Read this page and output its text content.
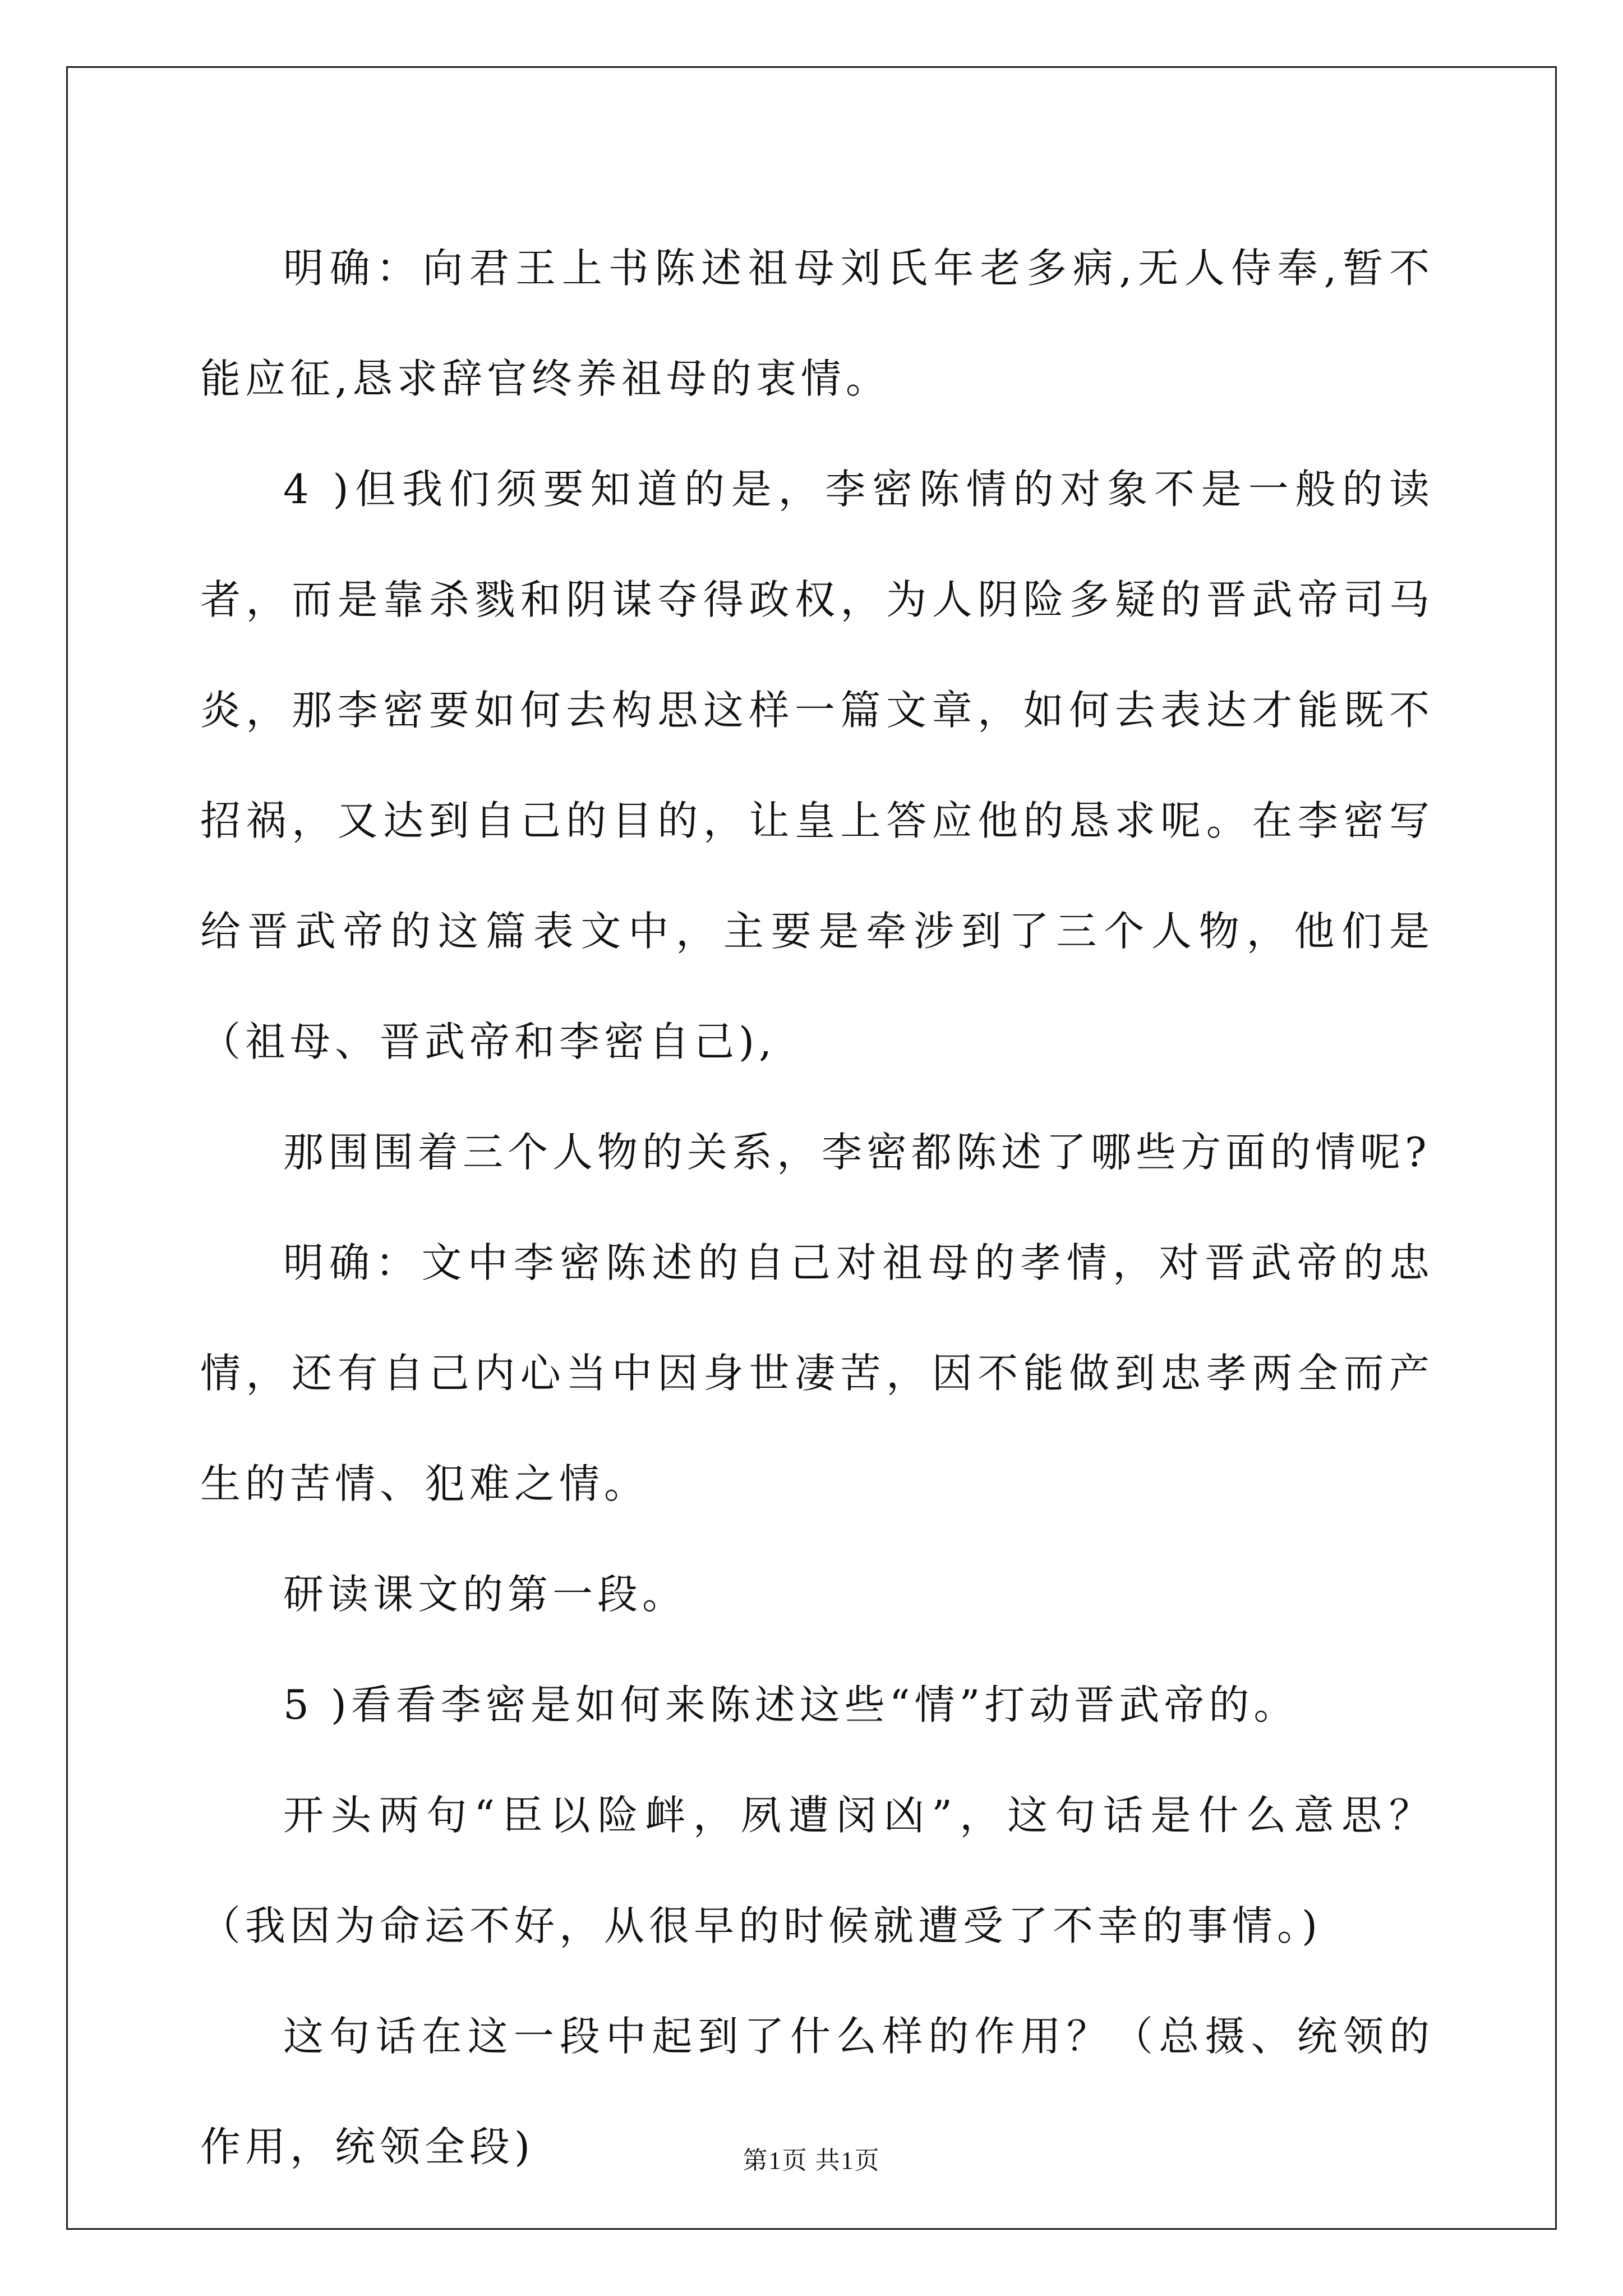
明确：向君王上书陈述祖母刘氏年老多病,无人侍奉,暂不能应征,恳求辞官终养祖母的衷情。

4 )但我们须要知道的是，李密陈情的对象不是一般的读者，而是靠杀戮和阴谋夺得政权，为人阴险多疑的晋武帝司马炎，那李密要如何去构思这样一篇文章，如何去表达才能既不招祸，又达到自己的目的，让皇上答应他的恳求呢。在李密写给晋武帝的这篇表文中，主要是牵涉到了三个人物，他们是（祖母、晋武帝和李密自己),

那围围着三个人物的关系，李密都陈述了哪些方面的情呢?

明确：文中李密陈述的自己对祖母的孝情，对晋武帝的忠情，还有自己内心当中因身世凄苦，因不能做到忠孝两全而产生的苦情、犯难之情。

研读课文的第一段。

5 )看看李密是如何来陈述这些“情”打动晋武帝的。

开头两句“臣以险衅，夙遭闵凶”，这句话是什么意思？（我因为命运不好，从很早的时候就遭受了不幸的事情。)

这句话在这一段中起到了什么样的作用？（总摄、统领的作用，统领全段)	第1页 共1页
